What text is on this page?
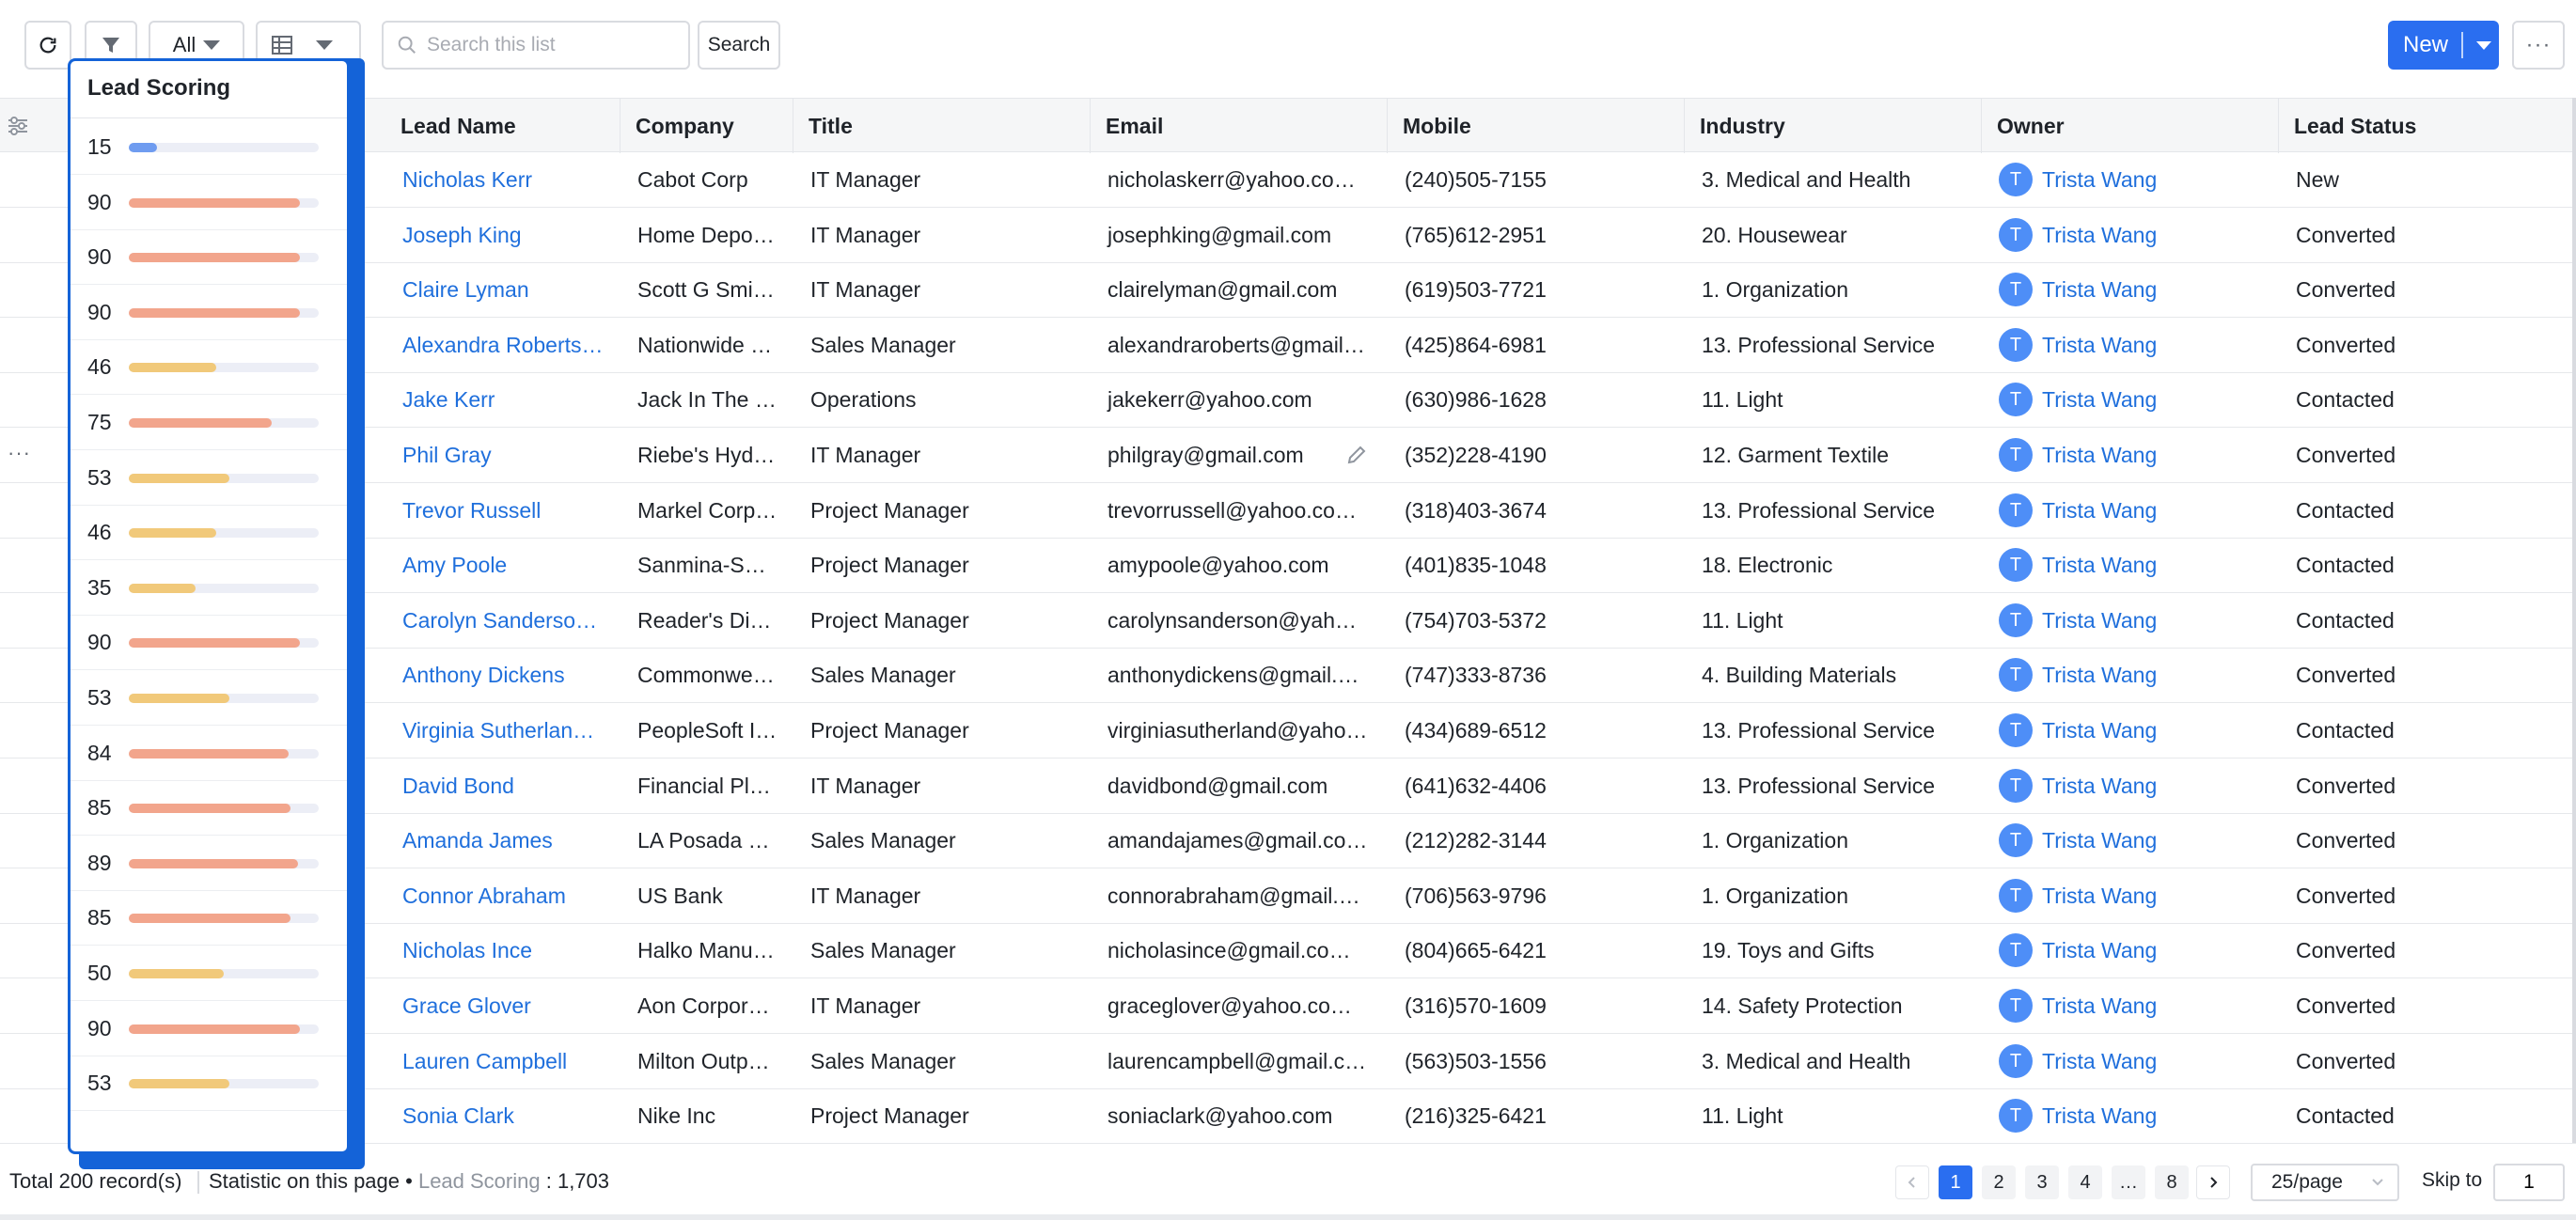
All
Search this list	Search	New	···
Lead Name	Company	Title	Email	Mobile	Industry	Owner	Lead Status
Nicholas Kerr	Cabot Corp	IT Manager	nicholaskerr@yahoo.co…	(240)505-7155	3. Medical and Health	T Trista Wang	New
Joseph King	Home Depo…	IT Manager	josephking@gmail.com	(765)612-2951	20. Housewear	T Trista Wang	Converted
Claire Lyman	Scott G Smi…	IT Manager	clairelyman@gmail.com	(619)503-7721	1. Organization	T Trista Wang	Converted
Alexandra Roberts…	Nationwide …	Sales Manager	alexandraroberts@gmail…	(425)864-6981	13. Professional Service	T Trista Wang	Converted
Jake Kerr	Jack In The …	Operations	jakekerr@yahoo.com	(630)986-1628	11. Light	T Trista Wang	Contacted
···	Phil Gray	Riebe's Hyd…	IT Manager	philgray@gmail.com	(352)228-4190	12. Garment Textile	T Trista Wang	Converted
Trevor Russell	Markel Corp…	Project Manager	trevorrussell@yahoo.co…	(318)403-3674	13. Professional Service	T Trista Wang	Contacted
Amy Poole	Sanmina-S…	Project Manager	amypoole@yahoo.com	(401)835-1048	18. Electronic	T Trista Wang	Contacted
Carolyn Sanderso…	Reader's Di…	Project Manager	carolynsanderson@yah…	(754)703-5372	11. Light	T Trista Wang	Contacted
Anthony Dickens	Commonwe…	Sales Manager	anthonydickens@gmail.…	(747)333-8736	4. Building Materials	T Trista Wang	Converted
Virginia Sutherlan…	PeopleSoft I…	Project Manager	virginiasutherland@yaho…	(434)689-6512	13. Professional Service	T Trista Wang	Contacted
David Bond	Financial Pl…	IT Manager	davidbond@gmail.com	(641)632-4406	13. Professional Service	T Trista Wang	Converted
Amanda James	LA Posada …	Sales Manager	amandajames@gmail.co…	(212)282-3144	1. Organization	T Trista Wang	Converted
Connor Abraham	US Bank	IT Manager	connorabraham@gmail.…	(706)563-9796	1. Organization	T Trista Wang	Converted
Nicholas Ince	Halko Manu…	Sales Manager	nicholasince@gmail.co…	(804)665-6421	19. Toys and Gifts	T Trista Wang	Converted
Grace Glover	Aon Corpor…	IT Manager	graceglover@yahoo.co…	(316)570-1609	14. Safety Protection	T Trista Wang	Converted
Lauren Campbell	Milton Outp…	Sales Manager	laurencampbell@gmail.c…	(563)503-1556	3. Medical and Health	T Trista Wang	Converted
Sonia Clark	Nike Inc	Project Manager	soniaclark@yahoo.com	(216)325-6421	11. Light	T Trista Wang	Contacted
Lead Scoring
15
90
90
90
46
75
53
46
35
90
53
84
85
89
85
50
90
53
Total 200 record(s) Statistic on this page • Lead Scoring : 1,703	1	2	3	4	…	8	25/page	Skip to
1
